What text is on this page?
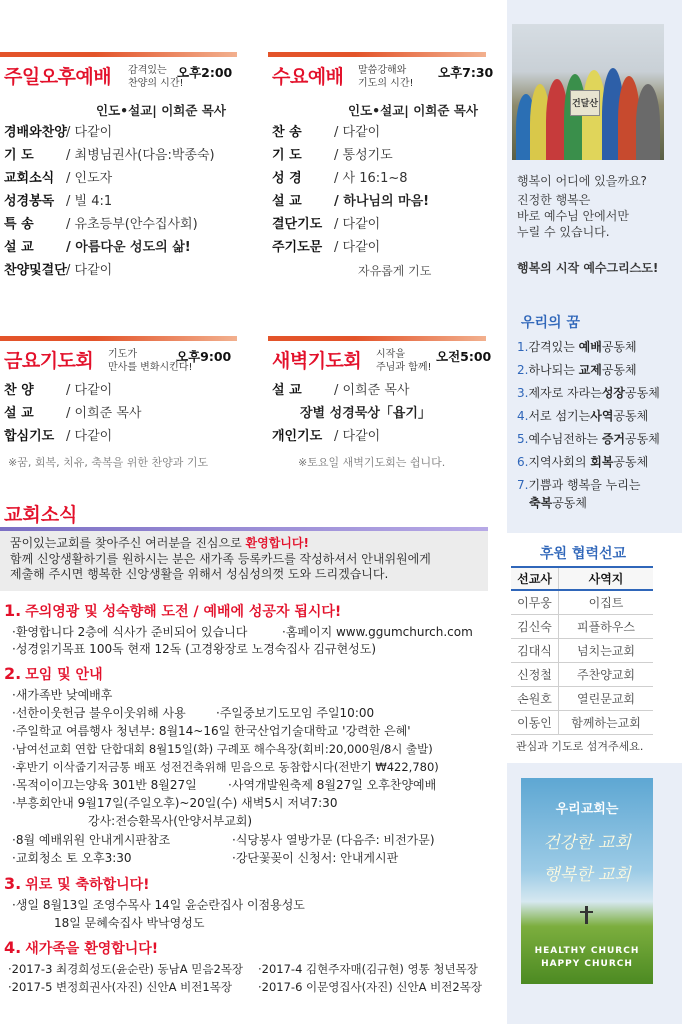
주일오후예배 감격있는
찬양의 시간!
오후2:00
인도•설교| 이희준 목사
경배와찬양/ 다같이
기 도 / 최병님권사(다음:박종숙)
교회소식 / 인도자
성경봉독 / 빌 4:1
특 송 / 유초등부(안수집사회)
설 교 / 아름다운 성도의 삶!
찬양및결단/ 다같이
수요예배 말씀강해와
기도의 시간!
오후7:30
인도•설교| 이희준 목사
찬 송 / 다같이
기 도 / 통성기도
성 경 / 사 16:1~8
설 교 / 하나님의 마음!
결단기도 / 다같이
주기도문 / 다같이
자유롭게 기도
금요기도회 기도가
만사를 변화시킨다!
오후9:00
찬 양 / 다같이
설 교 / 이희준 목사
합심기도 / 다같이
※꿈, 회복, 치유, 축복을 위한 찬양과 기도
새벽기도회 시작을
주님과 함께!
오전5:00
설 교 / 이희준 목사
장별 성경묵상「욥기」
개인기도 / 다같이
※토요일 새벽기도회는 쉽니다.
교회소식
꿈이있는교회를 찾아주신 여러분을 진심으로 환영합니다!
함께 신앙생활하기를 원하시는 분은 새가족 등록카드를 작성하셔서 안내위원에게
제출해 주시면 행복한 신앙생활을 위해서 성심성의껏 도와 드리겠습니다.
1. 주의영광 및 성숙향해 도전 / 예배에 성공자 됩시다!
·환영합니다 2층에 식사가 준비되어 있습니다	·홈페이지 www.ggumchurch.com
·성경읽기목표 100독 현재 12독 (고경왕장로 노경숙집사 김규현성도)
2. 모임 및 안내
·새가족반 낮예배후
·선한이웃헌금 불우이웃위해 사용	·주일중보기도모임 주일10:00
·주일학교 여름행사 청년부: 8월14~16일 한국산업기술대학교 '강력한 은혜'
·남여선교회 연합 단합대회 8월15일(화) 구례포 해수욕장(회비:20,000원/8시 출발)
·후반기 이삭줍기저금통 배포 성전건축위해 믿음으로 동참합시다(전반기 ₩422,780)
·목적이이끄는양육 301반 8월27일	·사역개발원축제 8월27일 오후찬양예배
·부흥회안내 9월17일(주일오후)~20일(수) 새벽5시 저녁7:30
강사:전승환목사(안양서부교회)
·8월 예배위원 안내게시판참조	·식당봉사 열방가문 (다음주: 비전가문)
·교회청소 토 오후3:30	·강단꽃꽂이 신청서: 안내게시판
3. 위로 및 축하합니다!
·생일 8월13일 조영수목사 14일 윤순란집사 이점용성도
18일 문혜숙집사 박낙영성도
4. 새가족을 환영합니다!
·2017-3 최경희성도(윤순란) 동남A 믿음2목장 ·2017-4 김현주자매(김규현) 영통 청년목장
·2017-5 변정희권사(자진) 신안A 비전1목장 ·2017-6 이문영집사(자진) 신안A 비전2목장
건달산
행복이 어디에 있을까요?
진정한 행복은
바로 예수님 안에서만
누릴 수 있습니다.
행복의 시작 예수그리스도!
우리의 꿈
1.감격있는 예배공동체
2.하나되는 교제공동체
3.제자로 자라는성장공동체
4.서로 섬기는사역공동체
5.예수님전하는 증거공동체
6.지역사회의 회복공동체
7.기쁨과 행복을 누리는
축복공동체
후원 협력선교
선교사	사역지
이무웅	이집트
김신숙	피플하우스
김대식	넘치는교회
신정철	주찬양교회
손원호	열린문교회
이동인	함께하는교회
관심과 기도로 섬겨주세요.
우리교회는
건강한 교회
행복한 교회
HEALTHY CHURCH
HAPPY CHURCH
